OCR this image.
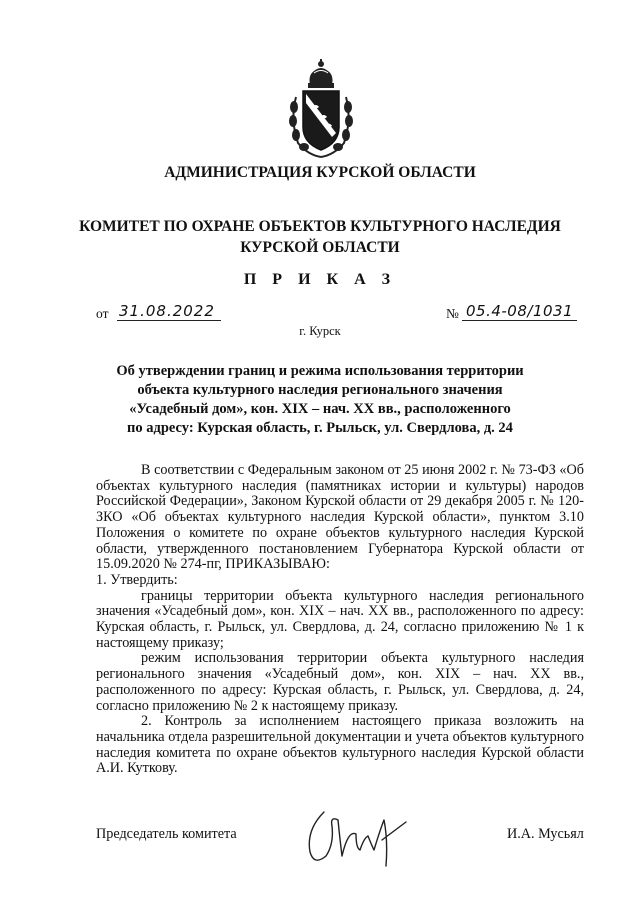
АДМИНИСТРАЦИЯ КУРСКОЙ ОБЛАСТИ
КОМИТЕТ ПО ОХРАНЕ ОБЪЕКТОВ КУЛЬТУРНОГО НАСЛЕДИЯ
КУРСКОЙ ОБЛАСТИ
П Р И К А З
от 31.08.2022	№ 05.4-08/1031
г. Курск
Об утверждении границ и режима использования территории
объекта культурного наследия регионального значения
«Усадебный дом», кон. XIX – нач. XX вв., расположенного
по адресу: Курская область, г. Рыльск, ул. Свердлова, д. 24

В соответствии с Федеральным законом от 25 июня 2002 г. № 73-ФЗ «Об объектах культурного наследия (памятниках истории и культуры) народов Российской Федерации», Законом Курской области от 29 декабря 2005 г. № 120-ЗКО «Об объектах культурного наследия Курской области», пунктом 3.10 Положения о комитете по охране объектов культурного наследия Курской области, утвержденного постановлением Губернатора Курской области от 15.09.2020 № 274-пг, ПРИКАЗЫВАЮ:

1. Утвердить:

границы территории объекта культурного наследия регионального значения «Усадебный дом», кон. XIX – нач. XX вв., расположенного по адресу: Курская область, г. Рыльск, ул. Свердлова, д. 24, согласно приложению № 1 к настоящему приказу;

режим использования территории объекта культурного наследия регионального значения «Усадебный дом», кон. XIX – нач. XX вв., расположенного по адресу: Курская область, г. Рыльск, ул. Свердлова, д. 24, согласно приложению № 2 к настоящему приказу.

2. Контроль за исполнением настоящего приказа возложить на начальника отдела разрешительной документации и учета объектов культурного наследия комитета по охране объектов культурного наследия Курской области А.И. Куткову.

Председатель комитета	И.А. Мусьял
